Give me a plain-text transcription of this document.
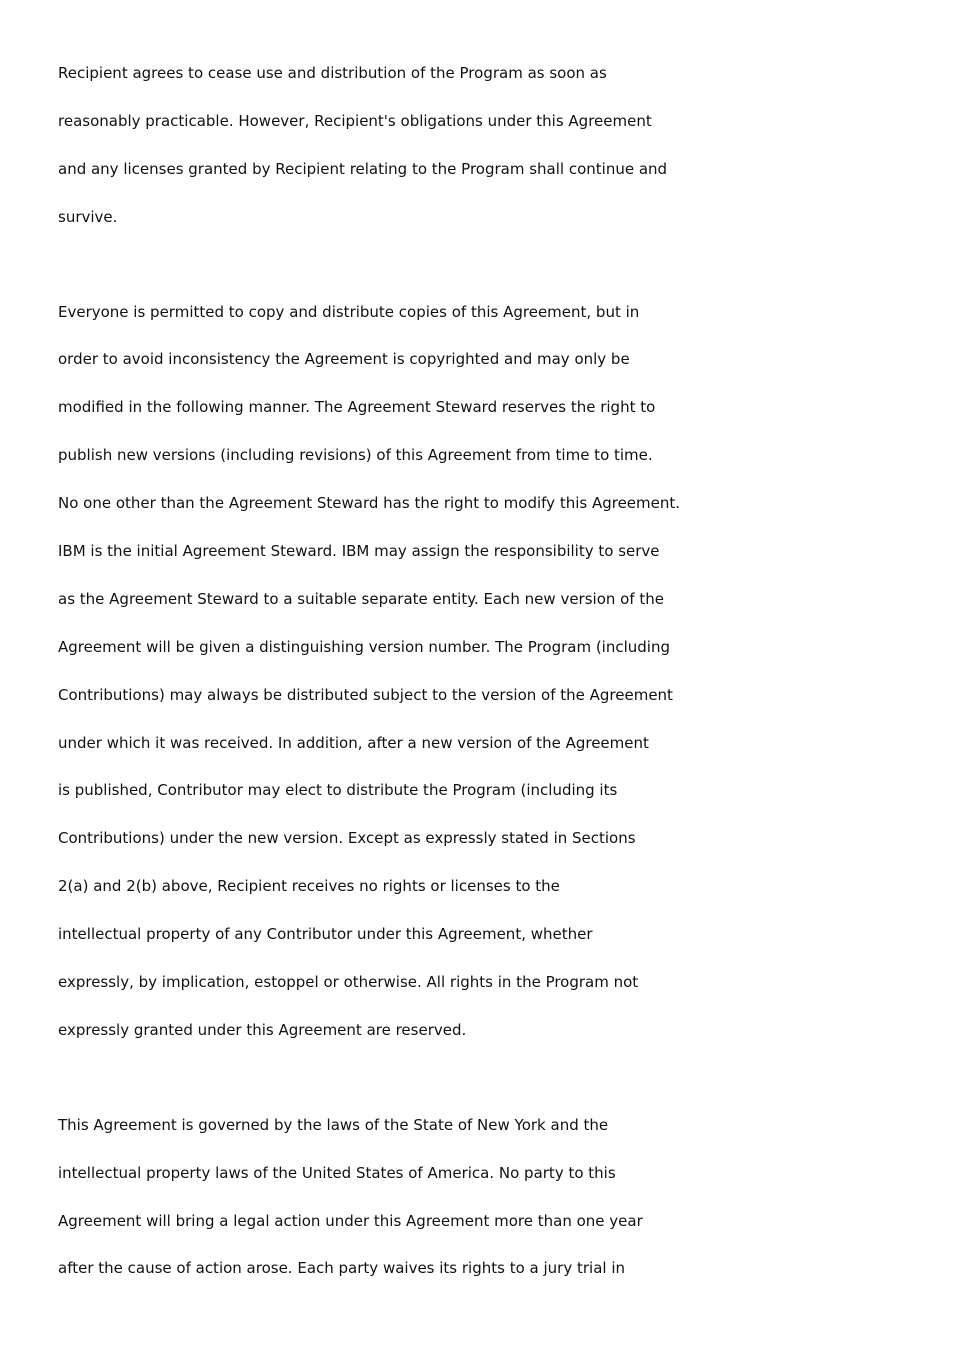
Recipient agrees to cease use and distribution of the Program as soon as
reasonably practicable. However, Recipient's obligations under this Agreement
and any licenses granted by Recipient relating to the Program shall continue and
survive.
Everyone is permitted to copy and distribute copies of this Agreement, but in
order to avoid inconsistency the Agreement is copyrighted and may only be
modified in the following manner. The Agreement Steward reserves the right to
publish new versions (including revisions) of this Agreement from time to time.
No one other than the Agreement Steward has the right to modify this Agreement.
IBM is the initial Agreement Steward. IBM may assign the responsibility to serve
as the Agreement Steward to a suitable separate entity. Each new version of the
Agreement will be given a distinguishing version number. The Program (including
Contributions) may always be distributed subject to the version of the Agreement
under which it was received. In addition, after a new version of the Agreement
is published, Contributor may elect to distribute the Program (including its
Contributions) under the new version. Except as expressly stated in Sections
2(a) and 2(b) above, Recipient receives no rights or licenses to the
intellectual property of any Contributor under this Agreement, whether
expressly, by implication, estoppel or otherwise. All rights in the Program not
expressly granted under this Agreement are reserved.
This Agreement is governed by the laws of the State of New York and the
intellectual property laws of the United States of America. No party to this
Agreement will bring a legal action under this Agreement more than one year
after the cause of action arose. Each party waives its rights to a jury trial in
